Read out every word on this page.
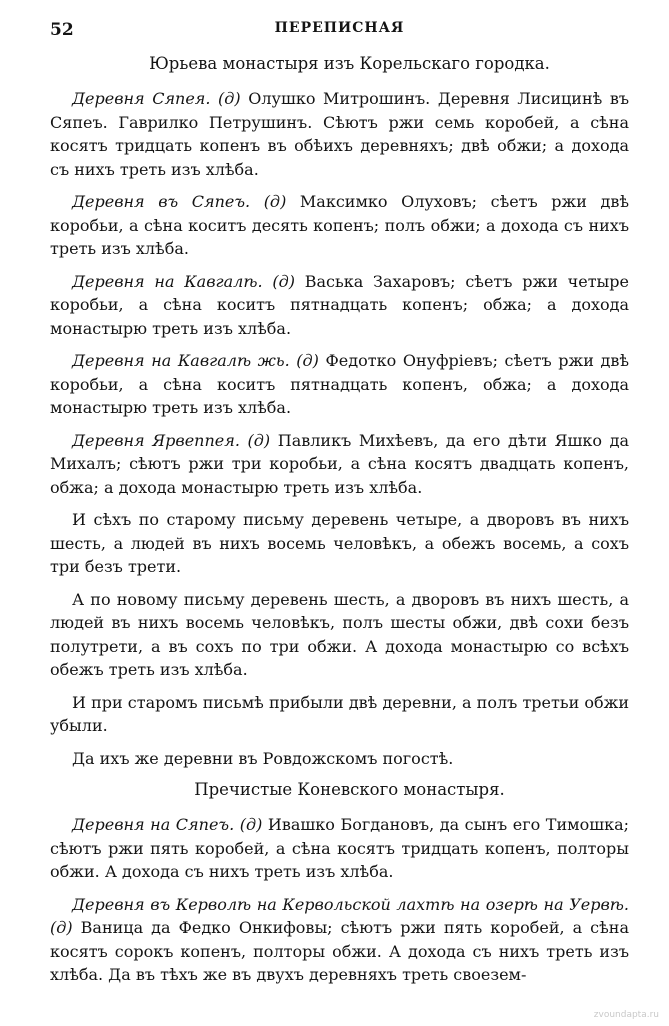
52	ПЕРЕПИСНАЯ
Юрьева монастыря изъ Корельскаго городка.

Деревня Сяпея. (д) Олушко Митрошинъ. Деревня Лисицинѣ въ Сяпеъ. Гаврилко Петрушинъ. Сѣютъ ржи семь коробей, а сѣна косятъ тридцать копенъ въ обѣихъ деревняхъ; двѣ обжи; а дохода съ нихъ треть изъ хлѣба.

Деревня въ Сяпеъ. (д) Максимко Олуховъ; сѣетъ ржи двѣ коробьи, а сѣна коситъ десять копенъ; полъ обжи; а дохода съ нихъ треть изъ хлѣба.

Деревня на Кавгалѣ. (д) Васька Захаровъ; сѣетъ ржи четыре коробьи, а сѣна коситъ пятнадцать копенъ; обжа; а дохода монастырю треть изъ хлѣба.

Деревня на Кавгалѣ жь. (д) Федотко Онуфріевъ; сѣетъ ржи двѣ коробьи, а сѣна коситъ пятнадцать копенъ, обжа; а дохода монастырю треть изъ хлѣба.

Деревня Ярвеппея. (д) Павликъ Михѣевъ, да его дѣти Яшко да Михалъ; сѣютъ ржи три коробьи, а сѣна косятъ двадцать копенъ, обжа; а дохода монастырю треть изъ хлѣба.

И сѣхъ по старому письму деревень четыре, а дворовъ въ нихъ шесть, а людей въ нихъ восемь человѣкъ, а обежъ восемь, а сохъ три безъ трети.

А по новому письму деревень шесть, а дворовъ въ нихъ шесть, а людей въ нихъ восемь человѣкъ, полъ шесты обжи, двѣ сохи безъ полутрети, а въ сохъ по три обжи. А дохода монастырю со всѣхъ обежъ треть изъ хлѣба.

И при старомъ письмѣ прибыли двѣ деревни, а полъ третьи обжи убыли.

Да ихъ же деревни въ Ровдожскомъ погостѣ.

Пречистые Коневского монастыря.

Деревня на Сяпеъ. (д) Ивашко Богдановъ, да сынъ его Тимошка; сѣютъ ржи пять коробей, а сѣна косятъ тридцать копенъ, полторы обжи. А дохода съ нихъ треть изъ хлѣба.

Деревня въ Керволѣ на Кервольской лахтѣ на озерѣ на Уервѣ. (д) Ваница да Федко Онкифовы; сѣютъ ржи пять коробей, а сѣна косятъ сорокъ копенъ, полторы обжи. А дохода съ нихъ треть изъ хлѣба. Да въ тѣхъ же въ двухъ деревняхъ треть своезем-

zvoundapta.ru
